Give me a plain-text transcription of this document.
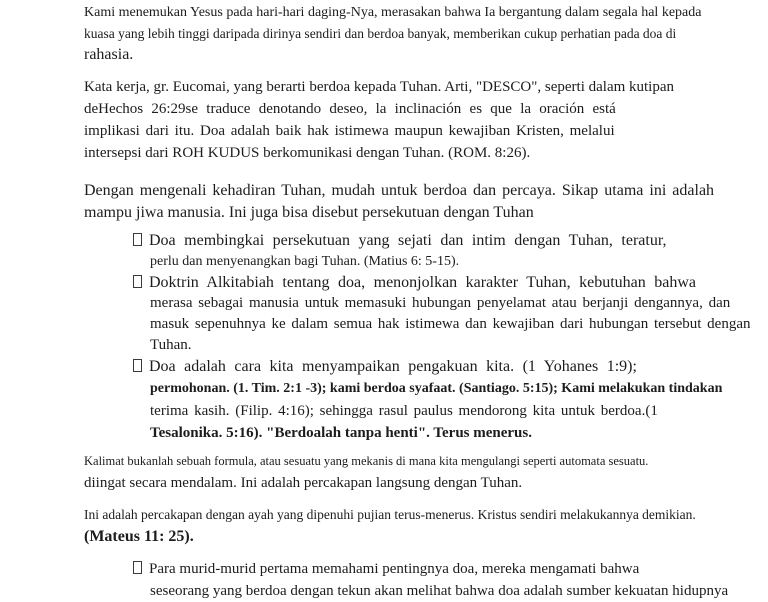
Kami menemukan Yesus pada hari-hari daging-Nya, merasakan bahwa Ia bergantung dalam segala hal kepada
kuasa yang lebih tinggi daripada dirinya sendiri dan berdoa banyak, memberikan cukup perhatian pada doa di
rahasia.
Kata kerja, gr. Eucomai, yang berarti berdoa kepada Tuhan. Arti, "DESCO", seperti dalam kutipan
deHechos 26:29se traduce denotando deseo, la inclinación es que la oración está
implikasi dari itu. Doa adalah baik hak istimewa maupun kewajiban Kristen, melalui
intersepsi dari ROH KUDUS berkomunikasi dengan Tuhan. (ROM. 8:26).
Dengan mengenali kehadiran Tuhan, mudah untuk berdoa dan percaya. Sikap utama ini adalah
mampu jiwa manusia. Ini juga bisa disebut persekutuan dengan Tuhan
Doa membingkai persekutuan yang sejati dan intim dengan Tuhan, teratur,
perlu dan menyenangkan bagi Tuhan. (Matius 6: 5-15).
Doktrin Alkitabiah tentang doa, menonjolkan karakter Tuhan, kebutuhan bahwa
merasa sebagai manusia untuk memasuki hubungan penyelamat atau berjanji dengannya, dan
masuk sepenuhnya ke dalam semua hak istimewa dan kewajiban dari hubungan tersebut dengan
Tuhan.
Doa adalah cara kita menyampaikan pengakuan kita. (1 Yohanes 1:9);
permohonan. (1. Tim. 2:1 -3); kami berdoa syafaat. (Santiago. 5:15); Kami melakukan tindakan
terima kasih. (Filip. 4:16); sehingga rasul paulus mendorong kita untuk berdoa.(1
Tesalonika. 5:16). "Berdoalah tanpa henti". Terus menerus.
Kalimat bukanlah sebuah formula, atau sesuatu yang mekanis di mana kita mengulangi seperti automata sesuatu.
diingat secara mendalam. Ini adalah percakapan langsung dengan Tuhan.
Ini adalah percakapan dengan ayah yang dipenuhi pujian terus-menerus. Kristus sendiri melakukannya demikian.
(Mateus 11: 25).
Para murid-murid pertama memahami pentingnya doa, mereka mengamati bahwa
seseorang yang berdoa dengan tekun akan melihat bahwa doa adalah sumber kekuatan hidupnya
